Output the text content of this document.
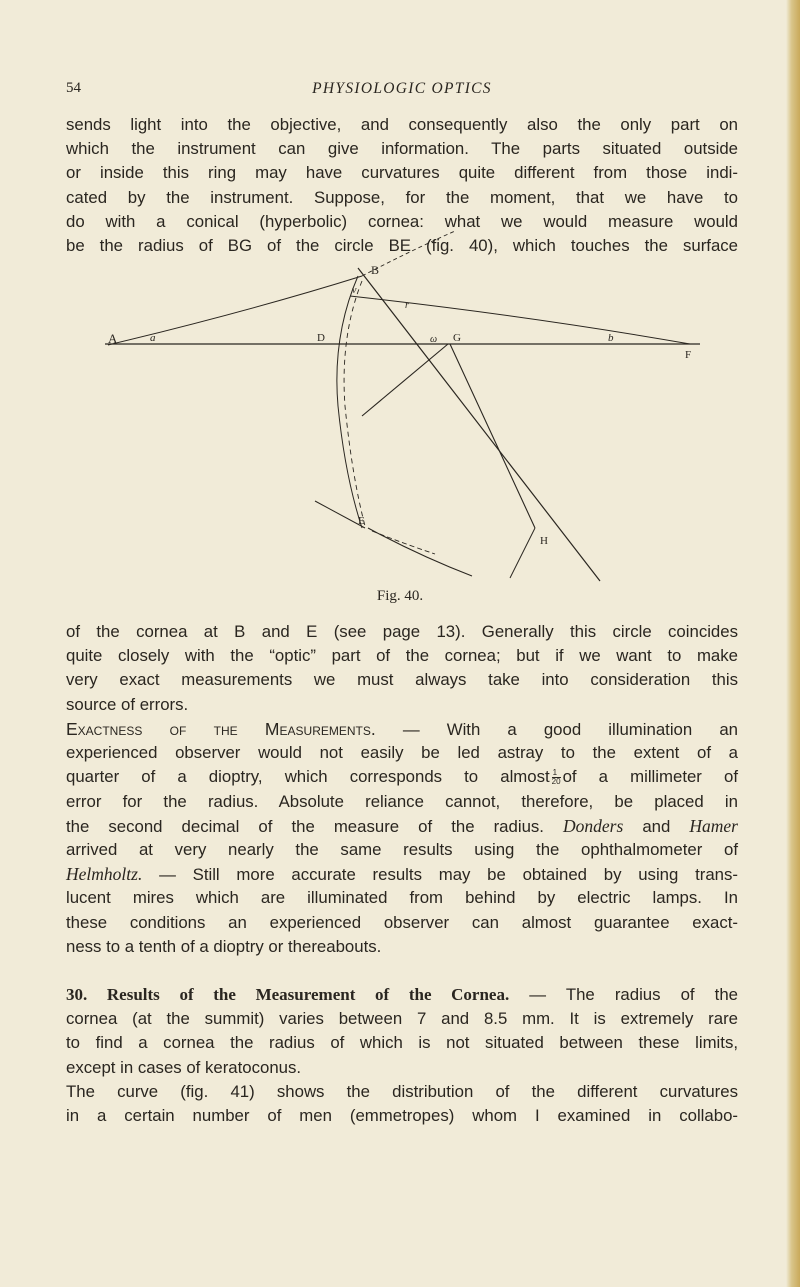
54	PHYSIOLOGIC OPTICS
sends light into the objective, and consequently also the only part on
which the instrument can give information. The parts situated outside
or inside this ring may have curvatures quite different from those indi-
cated by the instrument. Suppose, for the moment, that we have to
do with a conical (hyperbolic) cornea: what we would measure would
be the radius of BG of the circle BE (fig. 40), which touches the surface
A	a
B
v
D
r
ω G	b
F
E
H
Fig. 40.
of the cornea at B and E (see page 13). Generally this circle coincides
quite closely with the “optic” part of the cornea; but if we want to make
very exact measurements we must always take into consideration this
source of errors.
Exactness of the Measurements. — With a good illumination an
experienced observer would not easily be led astray to the extent of a
quarter of a dioptry, which corresponds to almost $\frac{1}{20}$ of a millimeter of
error for the radius. Absolute reliance cannot, therefore, be placed in
the second decimal of the measure of the radius. Donders and Hamer
arrived at very nearly the same results using the ophthalmometer of
Helmholtz. — Still more accurate results may be obtained by using trans-
lucent mires which are illuminated from behind by electric lamps. In
these conditions an experienced observer can almost guarantee exact-
ness to a tenth of a dioptry or thereabouts.
30. Results of the Measurement of the Cornea. — The radius of the
cornea (at the summit) varies between 7 and 8.5 mm. It is extremely rare
to find a cornea the radius of which is not situated between these limits,
except in cases of keratoconus.
The curve (fig. 41) shows the distribution of the different curvatures
in a certain number of men (emmetropes) whom I examined in collabo-
